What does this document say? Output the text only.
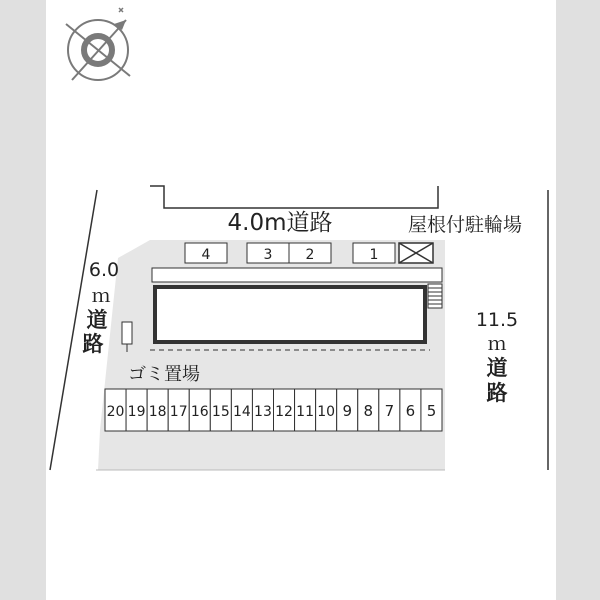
屋根付駐輪場
ゴミ置場
4.0m道路
6.0
ｍ
道
路
11.5
ｍ
道
路
4	3 2	1
20 19 18 17 16 15 14 13 12 11 10 9 8 7 6 5
